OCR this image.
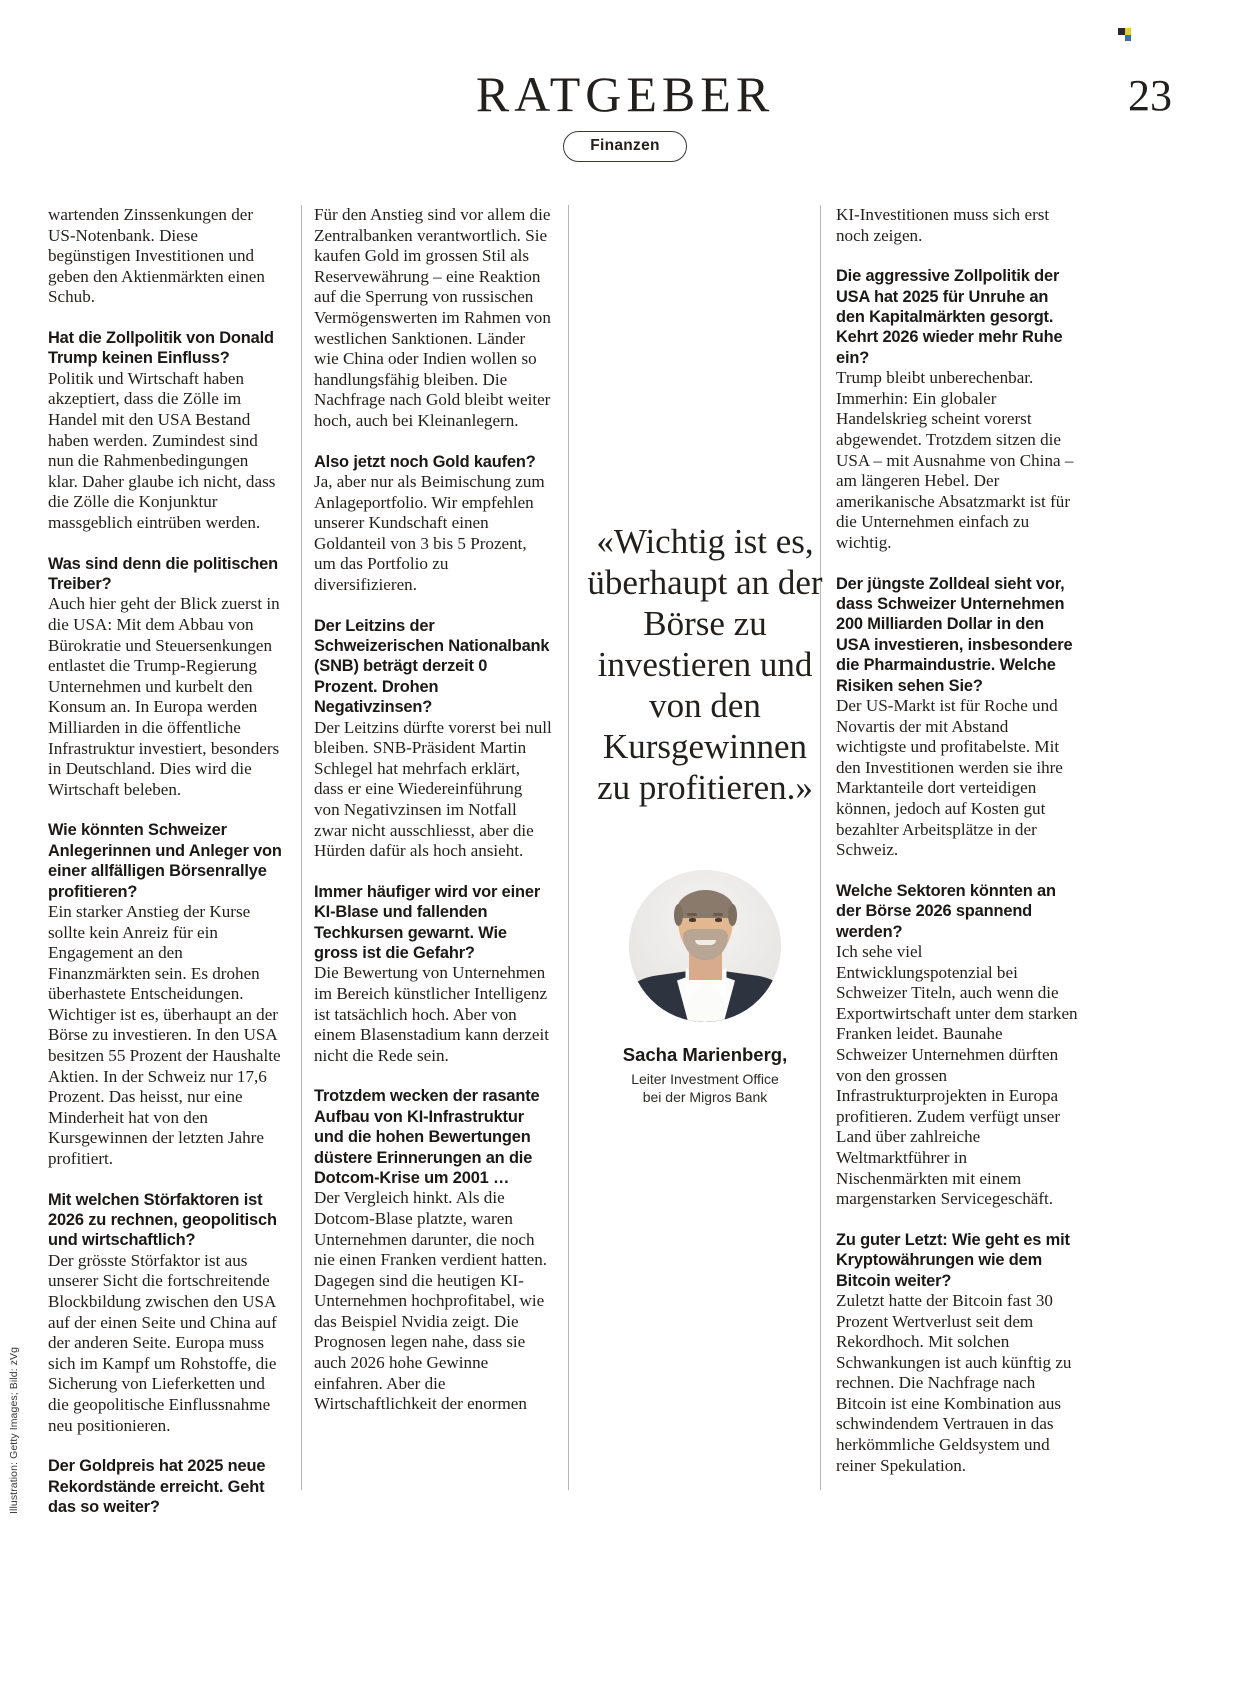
RATGEBER
Finanzen
23
Illustration: Getty Images; Bild: zVg

wartenden Zinssenkungen der US-Notenbank. Diese begünstigen Investitionen und geben den Aktienmärkten einen Schub.

Hat die Zollpolitik von Donald Trump keinen Einfluss?

Politik und Wirtschaft haben akzeptiert, dass die Zölle im Handel mit den USA Bestand haben werden. Zumindest sind nun die Rahmenbedingungen klar. Daher glaube ich nicht, dass die Zölle die Konjunktur massgeblich eintrüben werden.

Was sind denn die politischen Treiber?

Auch hier geht der Blick zuerst in die USA: Mit dem Abbau von Bürokratie und Steuersenkungen entlastet die Trump-Regierung Unternehmen und kurbelt den Konsum an. In Europa werden Milliarden in die öffentliche Infrastruktur investiert, besonders in Deutschland. Dies wird die Wirtschaft beleben.

Wie könnten Schweizer Anlegerinnen und Anleger von einer allfälligen Börsenrallye profitieren?

Ein starker Anstieg der Kurse sollte kein Anreiz für ein Engagement an den Finanzmärkten sein. Es drohen überhastete Entscheidungen. Wichtiger ist es, überhaupt an der Börse zu investieren. In den USA besitzen 55 Prozent der Haushalte Aktien. In der Schweiz nur 17,6 Prozent. Das heisst, nur eine Minderheit hat von den Kursgewinnen der letzten Jahre profitiert.

Mit welchen Störfaktoren ist 2026 zu rechnen, geopolitisch und wirtschaftlich?

Der grösste Störfaktor ist aus unserer Sicht die fortschreitende Blockbildung zwischen den USA auf der einen Seite und China auf der anderen Seite. Europa muss sich im Kampf um Rohstoffe, die Sicherung von Lieferketten und die geopolitische Einflussnahme neu positionieren.

Der Goldpreis hat 2025 neue Rekordstände erreicht. Geht das so weiter?

Für den Anstieg sind vor allem die Zentralbanken verantwortlich. Sie kaufen Gold im grossen Stil als Reservewährung – eine Reaktion auf die Sperrung von russischen Vermögenswerten im Rahmen von westlichen Sanktionen. Länder wie China oder Indien wollen so handlungsfähig bleiben. Die Nachfrage nach Gold bleibt weiter hoch, auch bei Kleinanlegern.

Also jetzt noch Gold kaufen?

Ja, aber nur als Beimischung zum Anlageportfolio. Wir empfehlen unserer Kundschaft einen Goldanteil von 3 bis 5 Prozent, um das Portfolio zu diversifizieren.

Der Leitzins der Schweizerischen Nationalbank (SNB) beträgt derzeit 0 Prozent. Drohen Negativzinsen?

Der Leitzins dürfte vorerst bei null bleiben. SNB-Präsident Martin Schlegel hat mehrfach erklärt, dass er eine Wiedereinführung von Negativzinsen im Notfall zwar nicht ausschliesst, aber die Hürden dafür als hoch ansieht.

Immer häufiger wird vor einer KI-Blase und fallenden Techkursen gewarnt. Wie gross ist die Gefahr?

Die Bewertung von Unternehmen im Bereich künstlicher Intelligenz ist tatsächlich hoch. Aber von einem Blasenstadium kann derzeit nicht die Rede sein.

Trotzdem wecken der rasante Aufbau von KI-Infrastruktur und die hohen Bewertungen düstere Erinnerungen an die Dotcom-Krise um 2001 …

Der Vergleich hinkt. Als die Dotcom-Blase platzte, waren Unternehmen darunter, die noch nie einen Franken verdient hatten. Dagegen sind die heutigen KI-Unternehmen hochprofitabel, wie das Beispiel Nvidia zeigt. Die Prognosen legen nahe, dass sie auch 2026 hohe Gewinne einfahren. Aber die Wirtschaftlichkeit der enormen

«Wichtig ist es, überhaupt an der Börse zu investieren und von den Kursgewinnen zu profitieren.»
Sacha Marienberg,
Leiter Investment Office
bei der Migros Bank

KI-Investitionen muss sich erst noch zeigen.

Die aggressive Zollpolitik der USA hat 2025 für Unruhe an den Kapitalmärkten gesorgt. Kehrt 2026 wieder mehr Ruhe ein?

Trump bleibt unberechenbar. Immerhin: Ein globaler Handelskrieg scheint vorerst abgewendet. Trotzdem sitzen die USA – mit Ausnahme von China – am längeren Hebel. Der amerikanische Absatzmarkt ist für die Unternehmen einfach zu wichtig.

Der jüngste Zolldeal sieht vor, dass Schweizer Unternehmen 200 Milliarden Dollar in den USA investieren, insbesondere die Pharmaindustrie. Welche Risiken sehen Sie?

Der US-Markt ist für Roche und Novartis der mit Abstand wichtigste und profitabelste. Mit den Investitionen werden sie ihre Marktanteile dort verteidigen können, jedoch auf Kosten gut bezahlter Arbeitsplätze in der Schweiz.

Welche Sektoren könnten an der Börse 2026 spannend werden?

Ich sehe viel Entwicklungspotenzial bei Schweizer Titeln, auch wenn die Exportwirtschaft unter dem starken Franken leidet. Baunahe Schweizer Unternehmen dürften von den grossen Infrastrukturprojekten in Europa profitieren. Zudem verfügt unser Land über zahlreiche Weltmarktführer in Nischenmärkten mit einem margenstarken Servicegeschäft.

Zu guter Letzt: Wie geht es mit Kryptowährungen wie dem Bitcoin weiter?

Zuletzt hatte der Bitcoin fast 30 Prozent Wertverlust seit dem Rekordhoch. Mit solchen Schwankungen ist auch künftig zu rechnen. Die Nachfrage nach Bitcoin ist eine Kombination aus schwindendem Vertrauen in das herkömmliche Geldsystem und reiner Spekulation.
